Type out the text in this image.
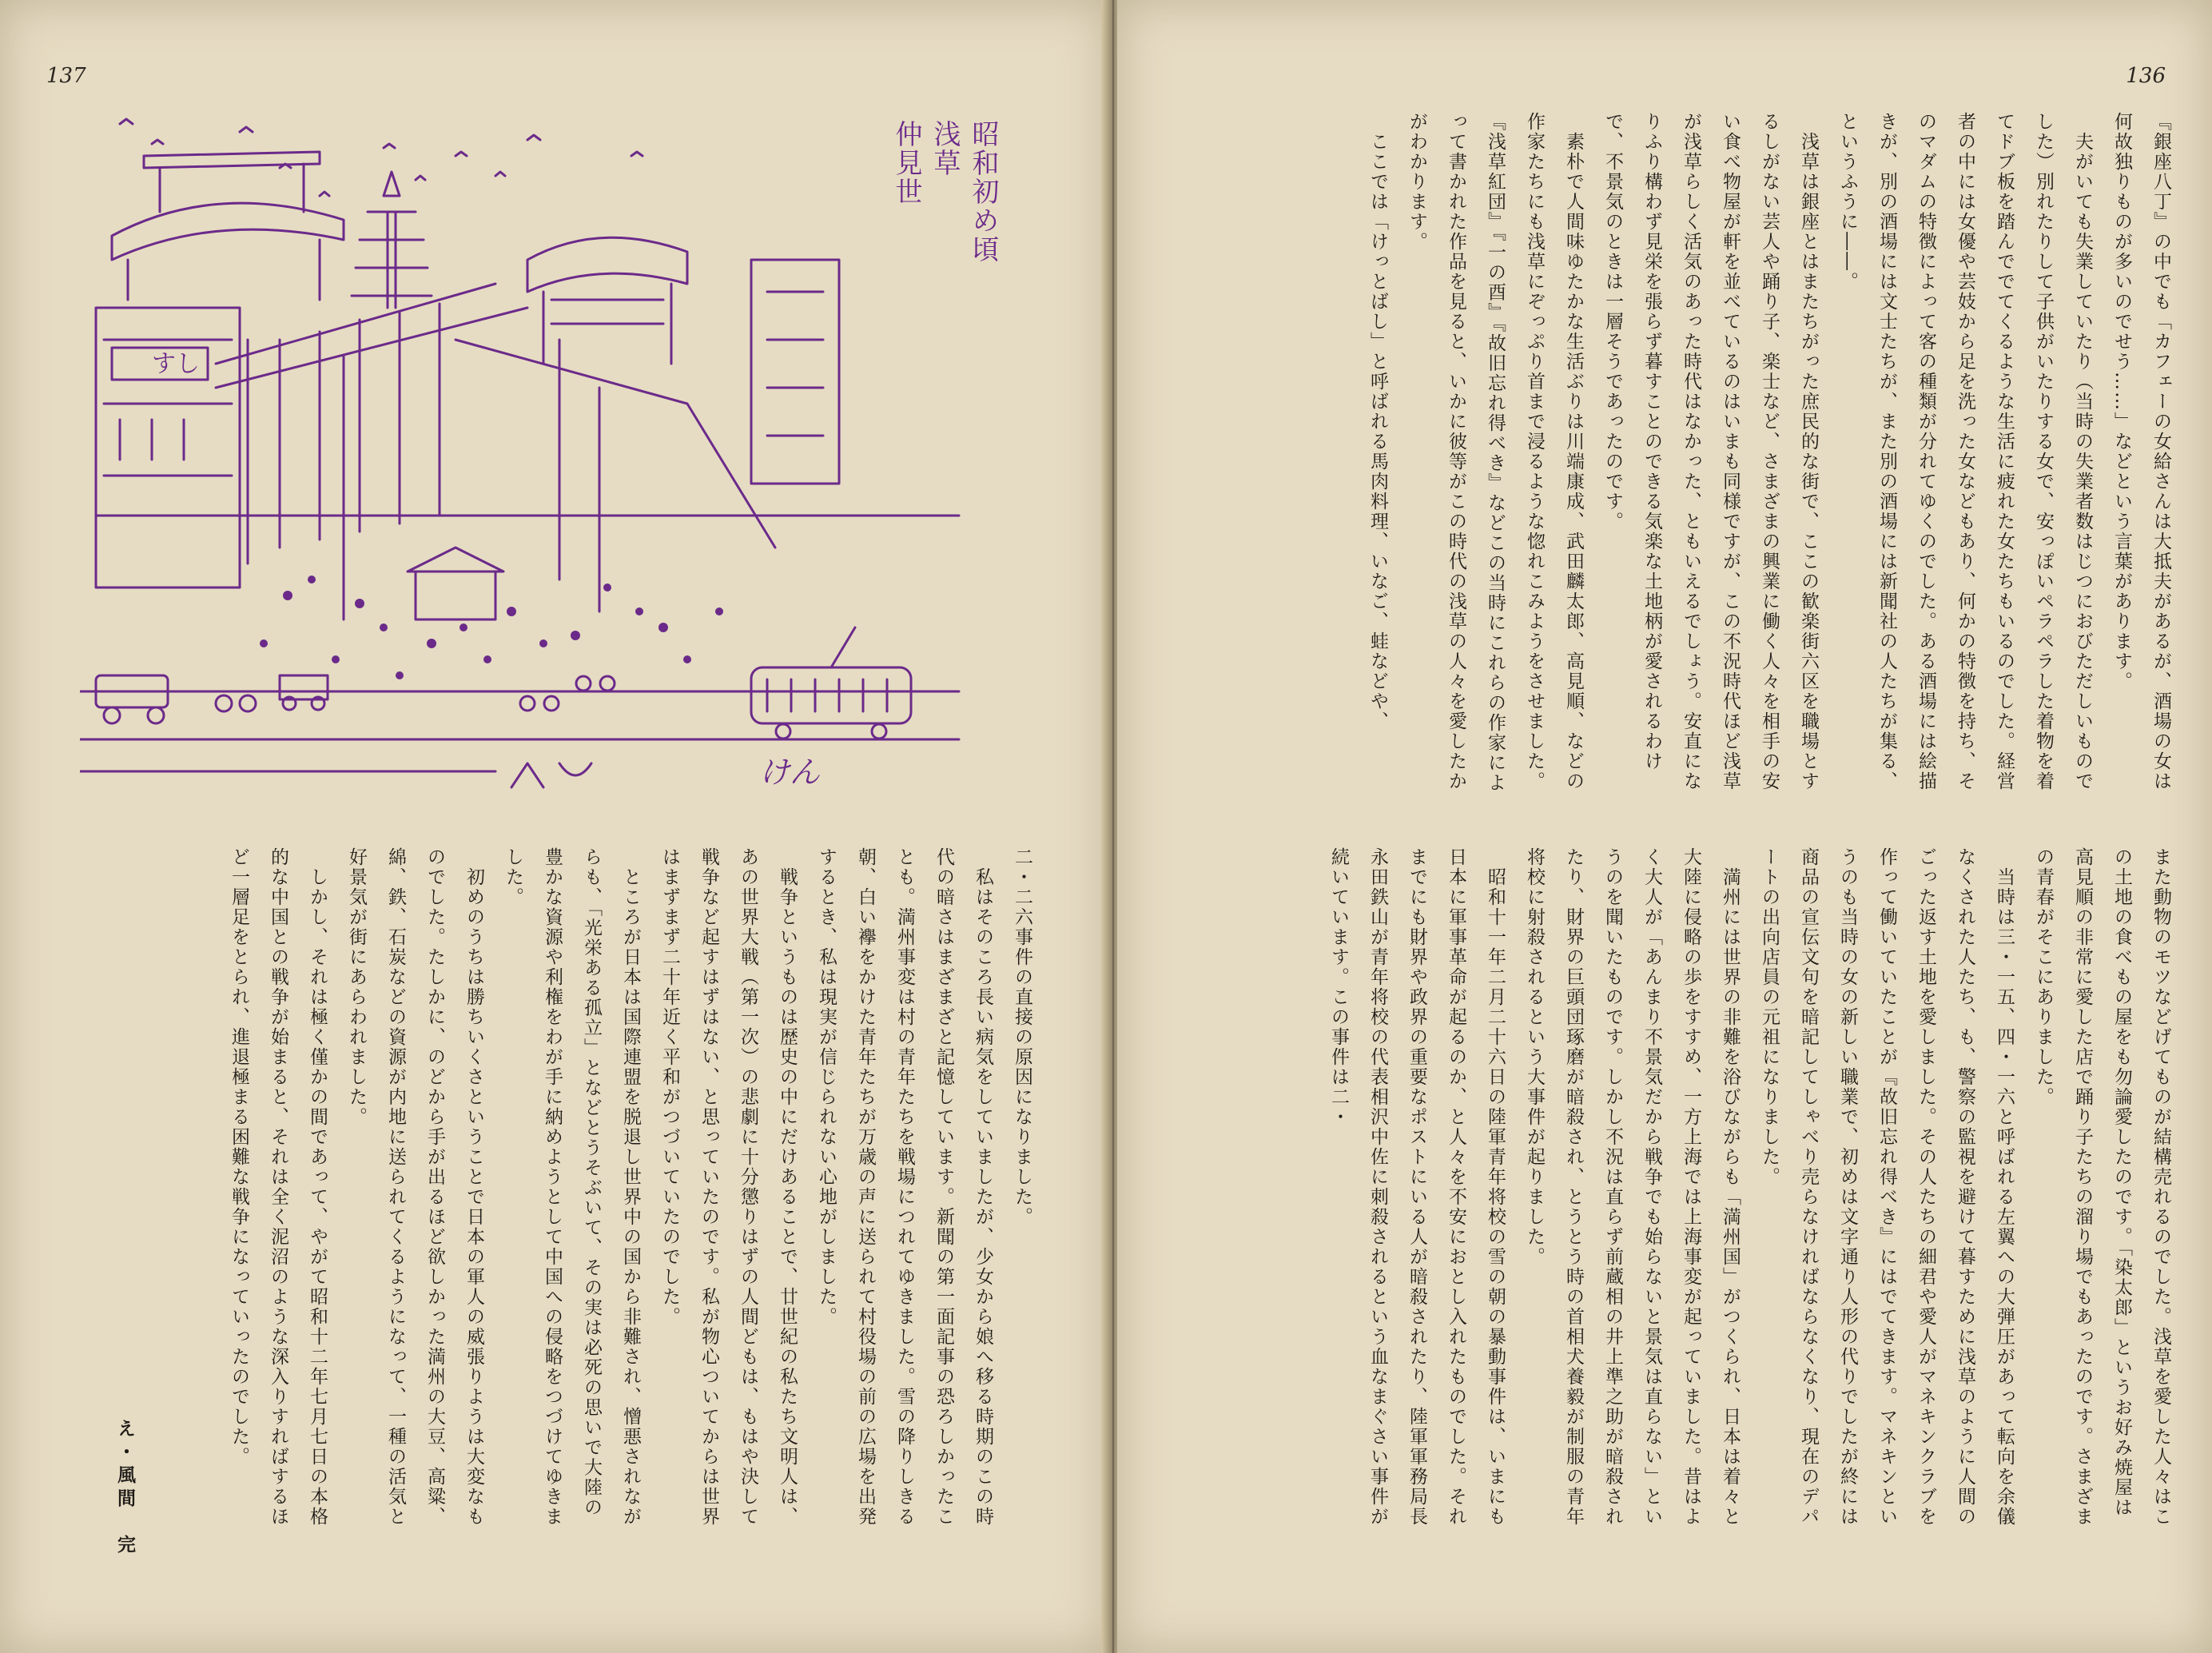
137
すし

昭和初め頃

浅草

仲見世

けん

二・二六事件の直接の原因になりました。

　私はそのころ長い病気をしていましたが、少女から娘へ移る時期のこの時代の暗さはまざまざと記憶しています。新聞の第一面記事の恐ろしかったことも。満州事変は村の青年たちを戦場につれてゆきました。雪の降りしきる朝、白い襷をかけた青年たちが万歳の声に送られて村役場の前の広場を出発するとき、私は現実が信じられない心地がしました。

　戦争というものは歴史の中にだけあることで、廿世紀の私たち文明人は、あの世界大戦（第一次）の悲劇に十分懲りはずの人間どもは、もはや決して戦争など起すはずはない、と思っていたのです。私が物心ついてからは世界はまずまず二十年近く平和がつづいていたのでした。

　ところが日本は国際連盟を脱退し世界中の国から非難され、憎悪されながらも、「光栄ある孤立」となどとうそぶいて、その実は必死の思いで大陸の豊かな資源や利権をわが手に納めようとして中国への侵略をつづけてゆきました。

　初めのうちは勝ちいくさということで日本の軍人の威張りようは大変なものでした。たしかに、のどから手が出るほど欲しかった満州の大豆、高粱、綿、鉄、石炭などの資源が内地に送られてくるようになって、一種の活気と好景気が街にあらわれました。

　しかし、それは極く僅かの間であって、やがて昭和十二年七月七日の本格的な中国との戦争が始まると、それは全く泥沼のような深入りすればするほど一層足をとられ、進退極まる困難な戦争になっていったのでした。

え・風間　完
136

『銀座八丁』の中でも「カフェーの女給さんは大抵夫があるが、酒場の女は何故独りものが多いのでせう……」などという言葉があります。

　夫がいても失業していたり（当時の失業者数はじつにおびただしいものでした）別れたりして子供がいたりする女で、安っぽいペラペラした着物を着てドブ板を踏んででてくるような生活に疲れた女たちもいるのでした。経営者の中には女優や芸妓から足を洗った女などもあり、何かの特徴を持ち、そのマダムの特徴によって客の種類が分れてゆくのでした。ある酒場には絵描きが、別の酒場には文士たちが、また別の酒場には新聞社の人たちが集る、というふうに――。

　浅草は銀座とはまたちがった庶民的な街で、ここの歓楽街六区を職場とするしがない芸人や踊り子、楽士など、さまざまの興業に働く人々を相手の安い食べ物屋が軒を並べているのはいまも同様ですが、この不況時代ほど浅草が浅草らしく活気のあった時代はなかった、ともいえるでしょう。安直になりふり構わず見栄を張らず暮すことのできる気楽な土地柄が愛されるわけで、不景気のときは一層そうであったのです。

　素朴で人間味ゆたかな生活ぶりは川端康成、武田麟太郎、高見順、などの作家たちにも浅草にぞっぷり首まで浸るような惚れこみようをさせました。『浅草紅団』『一の酉』『故旧忘れ得べき』などこの当時にこれらの作家によって書かれた作品を見ると、いかに彼等がこの時代の浅草の人々を愛したかがわかります。

　ここでは「けっとばし」と呼ばれる馬肉料理、いなご、蛙などや、

また動物のモツなどげてものが結構売れるのでした。浅草を愛した人々はこの土地の食べもの屋をも勿論愛したのです。「染太郎」というお好み焼屋は高見順の非常に愛した店で踊り子たちの溜り場でもあったのです。さまざまの青春がそこにありました。

　当時は三・一五、四・一六と呼ばれる左翼への大弾圧があって転向を余儀なくされた人たち、も、警察の監視を避けて暮すために浅草のように人間のごった返す土地を愛しました。その人たちの細君や愛人がマネキンクラブを作って働いていたことが『故旧忘れ得べき』にはでてきます。マネキンというのも当時の女の新しい職業で、初めは文字通り人形の代りでしたが終には商品の宣伝文句を暗記してしゃべり売らなければならなくなり、現在のデパートの出向店員の元祖になりました。

　満州には世界の非難を浴びながらも「満州国」がつくられ、日本は着々と大陸に侵略の歩をすすめ、一方上海では上海事変が起っていました。昔はよく大人が「あんまり不景気だから戦争でも始らないと景気は直らない」というのを聞いたものです。しかし不況は直らず前蔵相の井上準之助が暗殺されたり、財界の巨頭団琢磨が暗殺され、とうとう時の首相犬養毅が制服の青年将校に射殺されるという大事件が起りました。

　昭和十一年二月二十六日の陸軍青年将校の雪の朝の暴動事件は、いまにも日本に軍事革命が起るのか、と人々を不安におとし入れたものでした。それまでにも財界や政界の重要なポストにいる人が暗殺されたり、陸軍軍務局長永田鉄山が青年将校の代表相沢中佐に刺殺されるという血なまぐさい事件が続いています。この事件は二・
